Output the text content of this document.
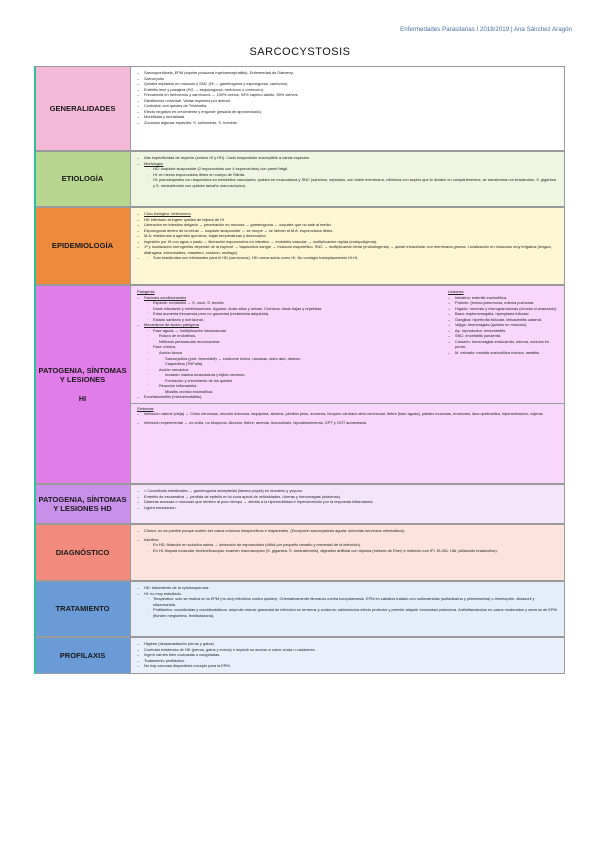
Enfermedades Parasitarias I 2018/2019 | Ana Sánchez Aragón
SARCOCYSTOSIS
GENERALIDADES
– Sarcosporidiosis, EPM (equine protozoal myeloencephalitis). Enfermedad de Dalmeny.
– Sarcocystis
– Quistes septados en músculo y SNC (HI → gametogonia y esporogonia, carnívoro).
– Entéritis leve y pasajera (HG → esquizogonia, herbívoro u omnívoro).
– Frecuencia en herbívoros y carnívoros → 100% ovinos, 94% caprino adulto, 95% ciervos.
– Distribución universal. Varias especies por animal.
– Confusión con quistes de Trichinella.
– Efecto negativo en crecimiento y engorde (pesada de aprovechado).
– Morbilidad y mortalidad.
– Zoonosis algunas especies: S. suihominis, S. hominis.
ETIOLOGÍA
– Alta especificidad de especie (ambos HI y HD). Cada hospedador susceptible a varias especies.
– Morfología:
· HD: ooquiste isosporoide (2 esporocistos con 4 esporozoítos) con pared frágil.
· HI: en heces esporocistos libres en cuerpo de Stieda.
· HI: pseudoquistes con taquizoítos en endotelios vasculares; quistes en musculatura y SNC (sartorius, septados, con doble membrana, cilióforos con septos que lo dividen en compartimentos, se transforman en bradizoítos. S. gigantea y S. medusiformis con quistes tamaño macroscópico).
EPIDEMIOLOGÍA
– Ciclo biológico: heteroxeno
– HD infectado al ingerir quistes de tejidos de HI.
– Liberación en intestino delgado → penetración en mucosa → gametogonia → ooquiste que no sale al medio.
– Esporogonia dentro de la célula → ooquiste isosporoide → se rompe → se liberan al M.A. esporocistos libres.
– M.A: resistencia a agentes químicos, bajas temperaturas y desecación.
– Ingestión por HI con agua o pasto → liberación esporozoítos en intestino → endotelio vascular → multiplicación rápida (endopoligenia).
– 1ª y localización merogenias depende de la especie → taquizoítos sangre → músculo esquelético, SNC → multiplicación lenta (endodiogenia) → quiste intracelular con membrana gruesa. Localización en músculos muy irrigados (lengua, diafragma, intercostales, masetero, corazón, esófago).
· – Solo bradizoítos son infestantes para el HD (carnívoros). HD nunca actúa como HI. No contagio transplacentario HI-HI.
PATOGENIA, SÍNTOMAS Y LESIONES
HI
Patogenia
– Factores condicionantes
· Especie: rumiantes → S. cruzi, S. tenella.
· Dosis infectante y reinfestaciones. Agudos: dosis altas y únicas. Crónicos: dosis bajas y repetidas.
· Edad aumenta frecuencia pero no gravedad (resistencia adquirida).
· Estado sanitario y nutricional.
– Mecanismo de acción patógena
· Fase aguda → multiplicación intravascular
· Rotura de endotelios.
· Infiltrado perivascular mononuclear.
· Fase crónica
· Acción tóxica
· Sarcocystina (prot. termolábil) → síndrome tóxico, nauseas, dolor abd, diarrea.
· Caquectina (TNFalfa).
· Acción mecánica
· Invasión masiva musculatura y tejido nervioso.
· Formación y crecimiento de los quistes.
· Reacción inflamatoria
· Miositis crónica eosinofílica.
– Encefalomielitis (mieloencefalitis).
Lesiones
– Intestino: enteritis eosinofílica.
– Pulmón: (bronco)neumonía, edema pulmonar.
– Hígado: necrosis y microgranulomas (cirrosis si avanzado).
– Bazo: esplenomegalia, hiperplasia folicular.
– Ganglios: hipertrofia folicular, linfoadenitis catarral.
– Vejiga: hemorragias (quistes en músculo).
– Ap. reproductor: endometritis.
– SNC: encefalitis purulenta.
– Corazón: hemorragias endocardio, edema, nódulos en punta.
– M. estriado: miositis eosinofílica crónica, meatitis.
Síntomas
– Infección natural (vieja) → Crisis nerviosas, micción dolorosa, taquipnea, abortos, pérdida peso, anorexia, bloqueo cardíaco atrio-ventricular, fiebre (fase aguda), palidez mucosas, erosiones, lana quebradiza, hiperactivación, cojeras.
– Infección experimental → no crisis, no bloqueos. Abortos, fiebre, anemia, leucocitosis, hipoalbuminemia, GPT y GOT aumentada.
PATOGENIA, SÍNTOMAS Y LESIONES HD
– = Coccidiosis intestinales → gametogonia subepitelial (lámina propia) en duodeno y yeyuno.
– Enteritis de escamativa → pérdida de epitelio en la zona apical de vellosidades, úlceras y hemorragias (sintomas).
– Diarreas acuosas o mucosas que remiten al poco tiempo → debido a la hipermotilidad e hipersecreción por la respuesta inflamatoria.
– Ligera emaciación.
DIAGNÓSTICO
– Clínico: no es posible porque suelen ser casos crónicos inespecíficos e inaparentes. (Excepción sarcocystosis aguda: síntomas nerviosos orientativos).
– Asertivo:
· En HD: flotación en solución salina → detección de esporocistos (difícil por pequeño tamaño y brevedad de la infección).
· En HI: biopsia muscular, trichinelloscopia, examen macroscópico (S. gigantea, S. medusiformis), digestión artificial con tripsina (método de Eber) e indirecto con IFI, ELISA, HAI (utilizando bradizoítos).
TRATAMIENTO
– HD: tratamiento de la cytoisosporosis.
– HI: no muy estudiado.
· Terapéutico: solo se realiza en la EPM (no muy efectivos contra quistes). Orientativamente fármacos contra toxoplasmosis. EPM en caballos tratado con sulfonamidas (sulfadiazina y pirimetamina) o trimetoprim, diclazuril y nitazoxanida.
· Profiláctico: coccidicidas y coccidiostáticos: amprolio reduce gravedad de infección en terneros y corderos; salinomicina efecto protector y permite adquirir inmunidad protectora. Antiinflamatorios en casos moderados y severos de EPM (flunixin meglumina, fenilbutazona).
PROFILAXIS
– Higiene (desparasitación perros y gatos).
– Controlar existencia de HD (perros, gatos y zorros) e impedir su acceso a carne cruda o cadáveres.
– Ingerir carnes bien cocinadas o congeladas.
– Tratamiento profiláctico.
– No hay vacunas disponibles excepto para la EPM.
